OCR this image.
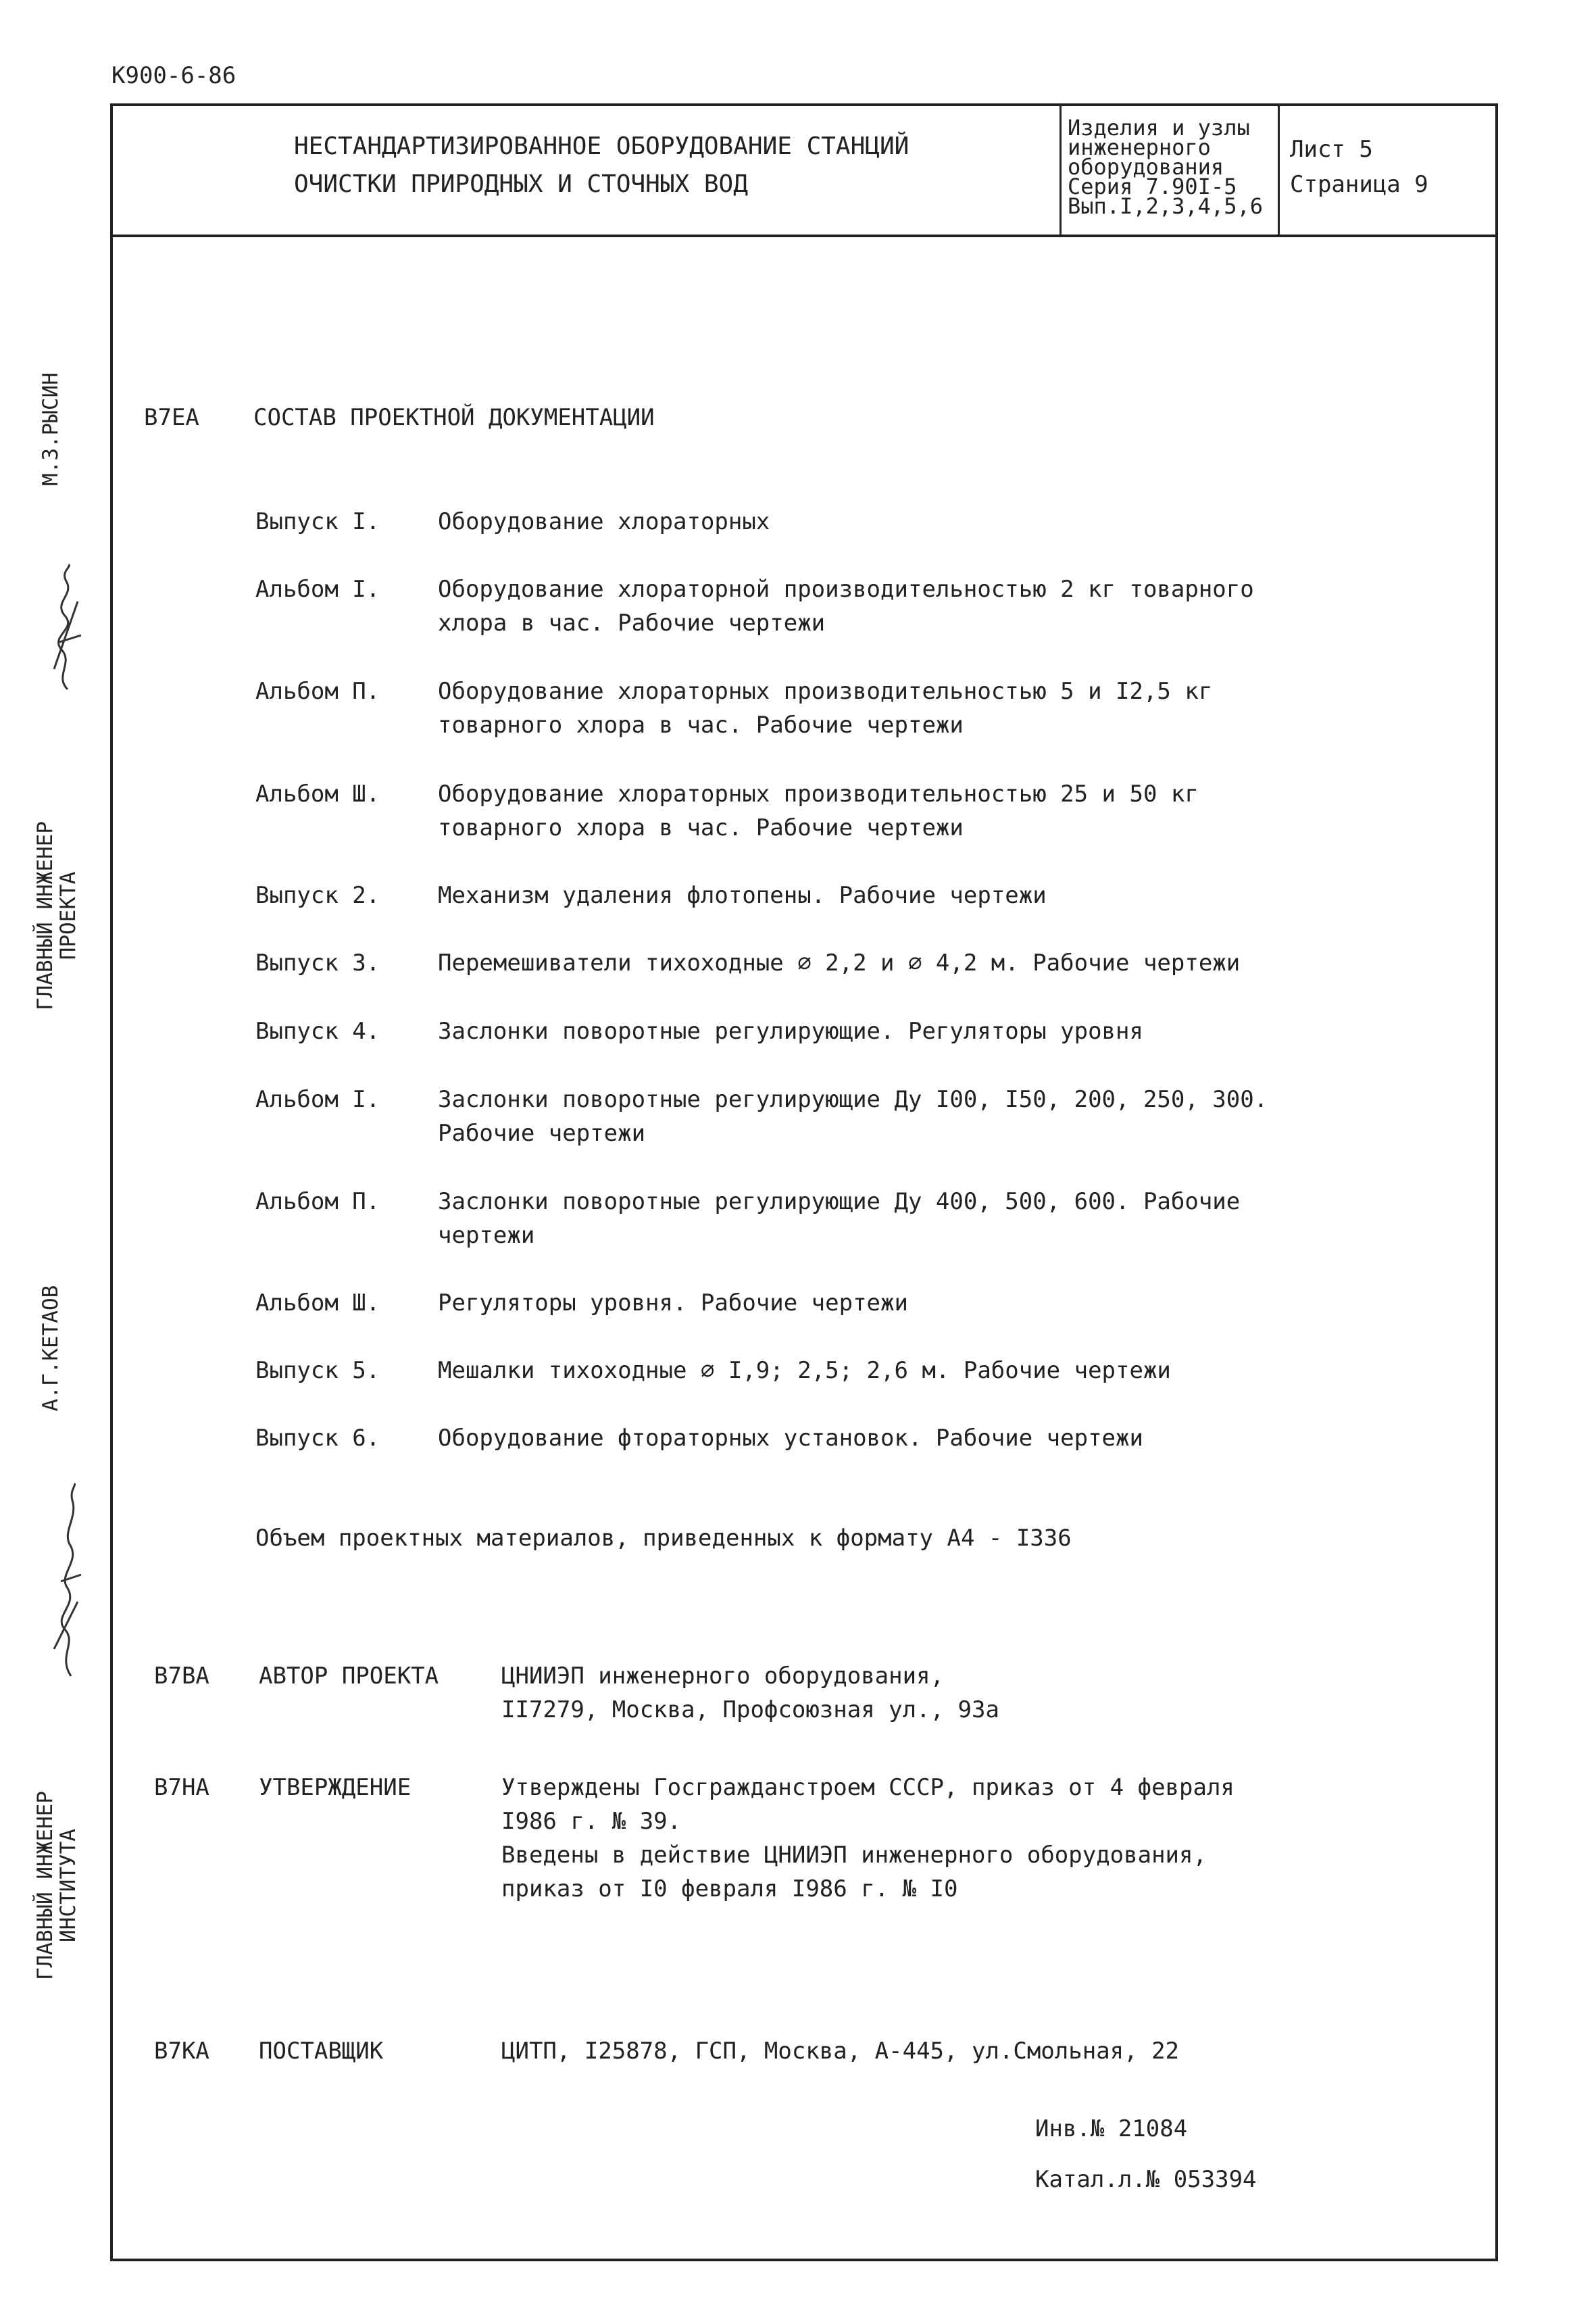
К900-6-86
НЕСТАНДАРТИЗИРОВАННОЕ ОБОРУДОВАНИЕ СТАНЦИЙ
ОЧИСТКИ ПРИРОДНЫХ И СТОЧНЫХ ВОД
Изделия и узлы
инженерного
оборудования
Серия 7.90I-5
Вып.I,2,3,4,5,6
Лист 5
Страница 9
М.З.РЫСИН
ГЛАВНЫЙ ИНЖЕНЕР
ПРОЕКТА
А.Г.КЕТАОВ
ГЛАВНЫЙ ИНЖЕНЕР
ИНСТИТУТА
В7ЕА СОСТАВ ПРОЕКТНОЙ ДОКУМЕНТАЦИИ
Выпуск I.	Оборудование хлораторных
Альбом I.	Оборудование хлораторной производительностью 2 кг товарного
хлора в час. Рабочие чертежи
Альбом П.	Оборудование хлораторных производительностью 5 и I2,5 кг
товарного хлора в час. Рабочие чертежи
Альбом Ш.	Оборудование хлораторных производительностью 25 и 50 кг
товарного хлора в час. Рабочие чертежи
Выпуск 2.	Механизм удаления флотопены. Рабочие чертежи
Выпуск 3.	Перемешиватели тихоходные ∅ 2,2 и ∅ 4,2 м. Рабочие чертежи
Выпуск 4.	Заслонки поворотные регулирующие. Регуляторы уровня
Альбом I.	Заслонки поворотные регулирующие Ду I00, I50, 200, 250, 300.
Рабочие чертежи
Альбом П.	Заслонки поворотные регулирующие Ду 400, 500, 600. Рабочие
чертежи
Альбом Ш.	Регуляторы уровня. Рабочие чертежи
Выпуск 5.	Мешалки тихоходные ∅ I,9; 2,5; 2,6 м. Рабочие чертежи
Выпуск 6.	Оборудование фтораторных установок. Рабочие чертежи
Объем проектных материалов, приведенных к формату А4 - I336
В7ВА АВТОР ПРОЕКТА	ЦНИИЭП инженерного оборудования,
II7279, Москва, Профсоюзная ул., 93а
В7НА УТВЕРЖДЕНИЕ	Утверждены Госгражданстроем СССР, приказ от 4 февраля
I986 г. № 39.
Введены в действие ЦНИИЭП инженерного оборудования,
приказ от I0 февраля I986 г. № I0
В7КА ПОСТАВЩИК	ЦИТП, I25878, ГСП, Москва, А-445, ул.Смольная, 22
Инв.№ 21084
Катал.л.№ 053394
